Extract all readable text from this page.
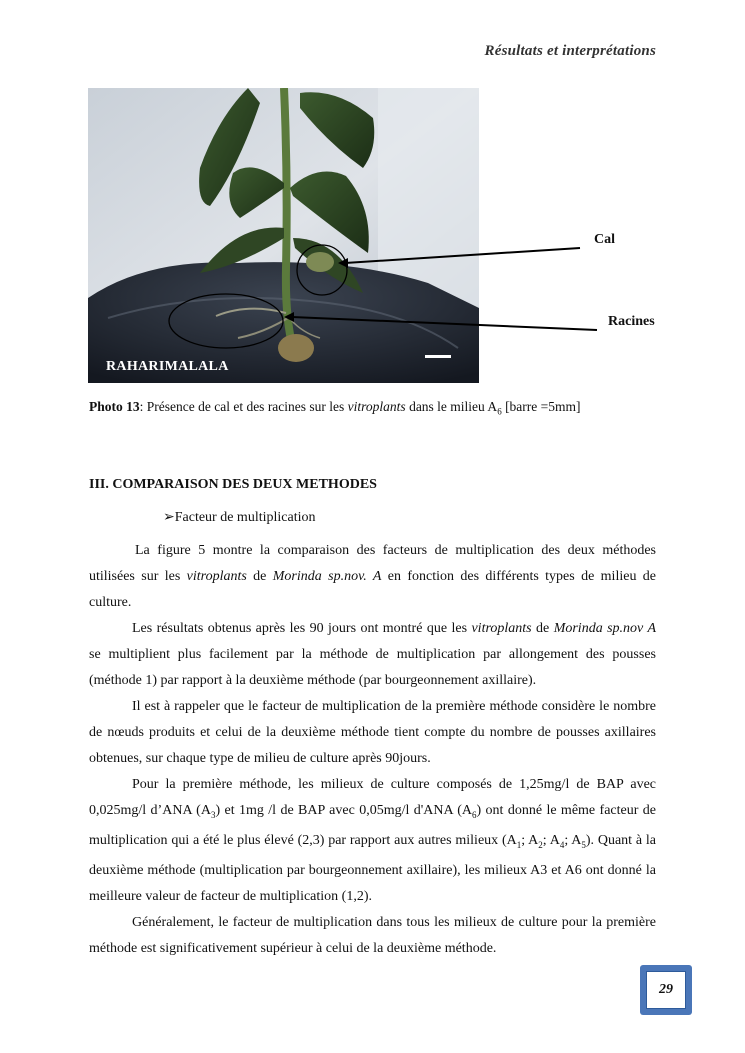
Résultats et interprétations
RAHARIMALALA
Cal
Racines
Photo 13: Présence de cal et des racines sur les vitroplants dans le milieu $A_6$ [barre =5mm]
III. COMPARAISON DES DEUX METHODES
➢Facteur de multiplication

La figure 5 montre la comparaison des facteurs de multiplication des deux méthodes utilisées sur les vitroplants de Morinda sp.nov. A en fonction des différents types de milieu de culture.

Les résultats obtenus après les 90 jours ont montré que les vitroplants de Morinda sp.nov A se multiplient plus facilement par la méthode de multiplication par allongement des pousses (méthode 1) par rapport à la deuxième méthode (par bourgeonnement axillaire).

Il est à rappeler que le facteur de multiplication de la première méthode considère le nombre de nœuds produits et celui de la deuxième méthode tient compte du nombre de pousses axillaires obtenues, sur chaque type de milieu de culture après 90jours.

Pour la première méthode, les milieux de culture composés de 1,25mg/l de BAP avec 0,025mg/l d’ANA $(A_3)$ et 1mg /l de BAP avec 0,05mg/l d'ANA $(A_6)$ ont donné le même facteur de multiplication qui a été le plus élevé (2,3) par rapport aux autres milieux ($A_1$; $A_2$; $A_4$; $A_5$). Quant à la deuxième méthode (multiplication par bourgeonnement axillaire), les milieux A3 et A6 ont donné la meilleure valeur de facteur de multiplication (1,2).

Généralement, le facteur de multiplication dans tous les milieux de culture pour la première méthode est significativement supérieur à celui de la deuxième méthode.

29
